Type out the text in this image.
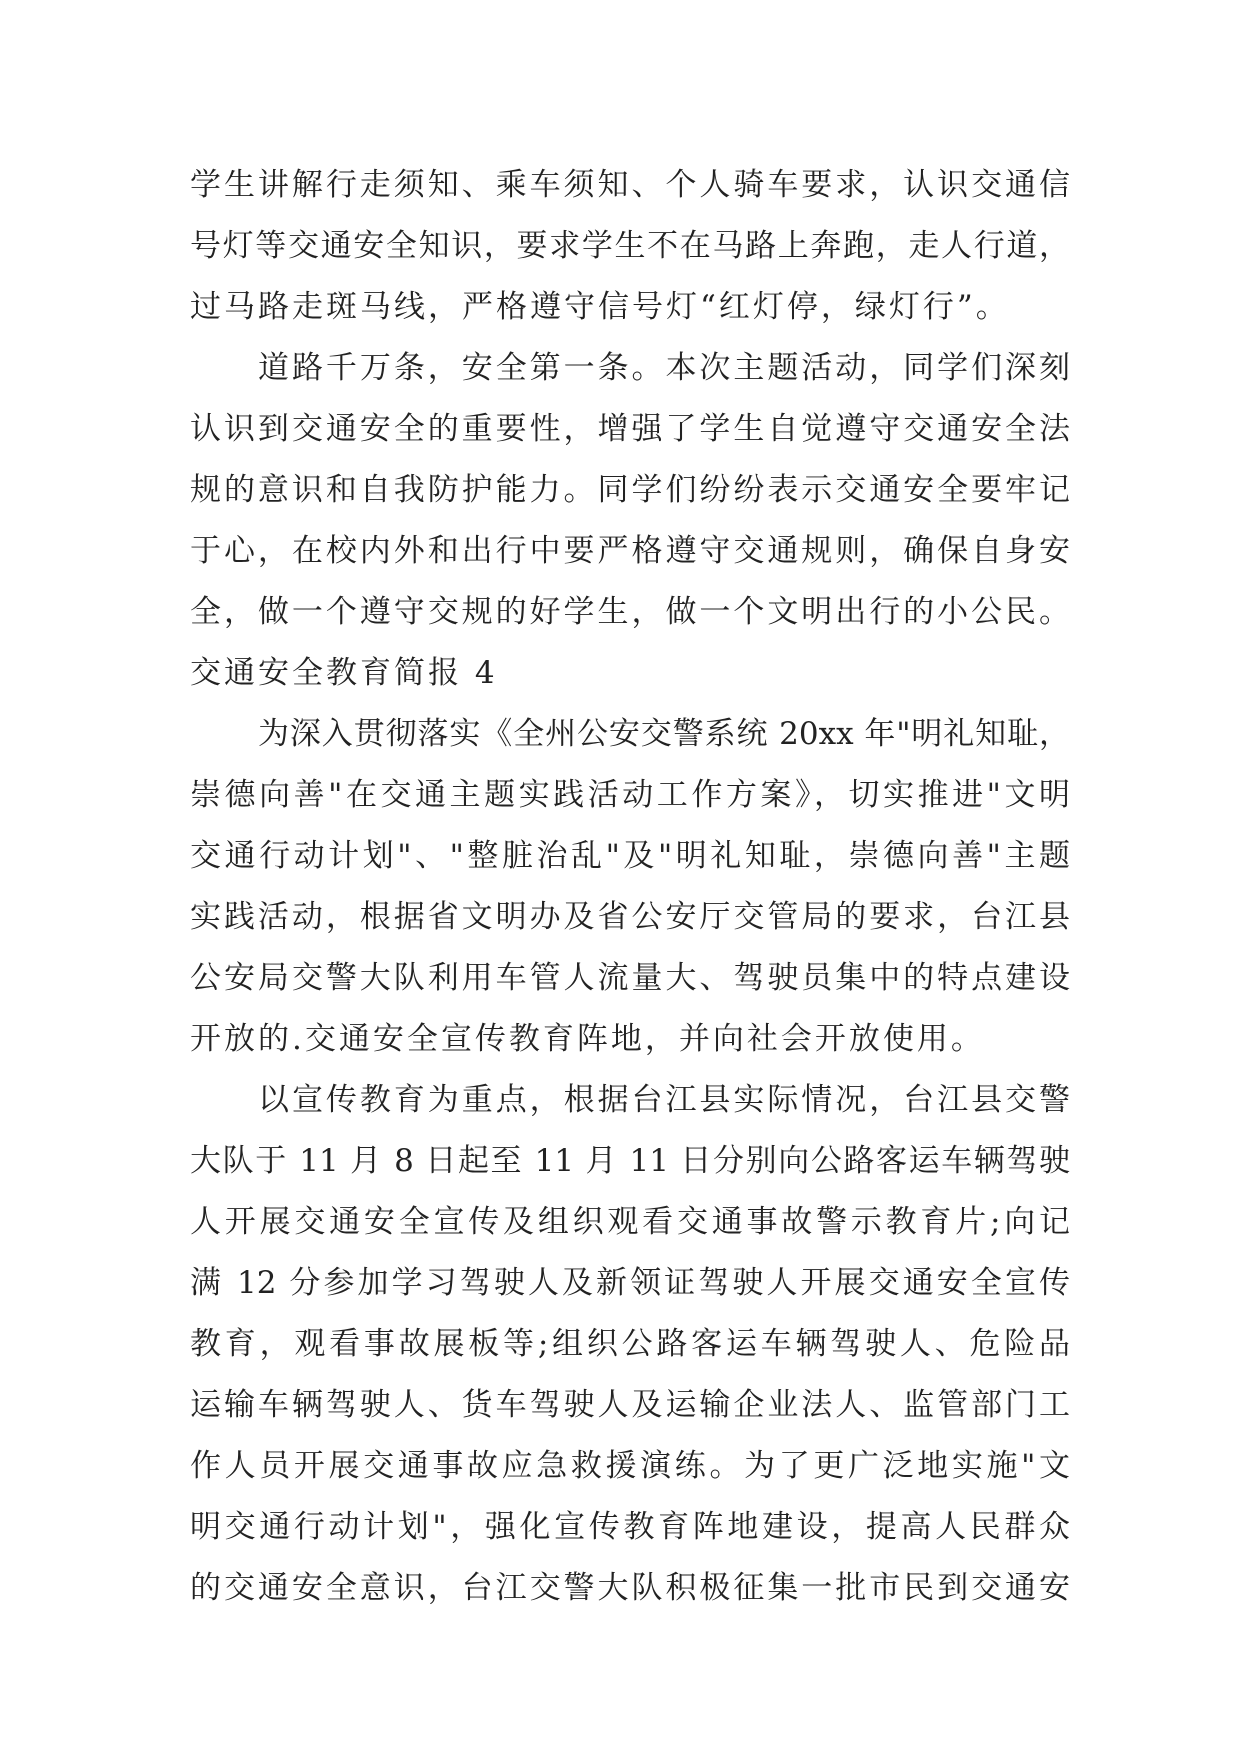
学生讲解行走须知、乘车须知、个人骑车要求，认识交通信
号灯等交通安全知识，要求学生不在马路上奔跑，走人行道，
过马路走斑马线，严格遵守信号灯“红灯停，绿灯行”。
道路千万条，安全第一条。本次主题活动，同学们深刻
认识到交通安全的重要性，增强了学生自觉遵守交通安全法
规的意识和自我防护能力。同学们纷纷表示交通安全要牢记
于心，在校内外和出行中要严格遵守交通规则，确保自身安
全，做一个遵守交规的好学生，做一个文明出行的小公民。
交通安全教育简报 4
为深入贯彻落实《全州公安交警系统 20xx 年"明礼知耻，
崇德向善"在交通主题实践活动工作方案》，切实推进"文明
交通行动计划"、"整脏治乱"及"明礼知耻，崇德向善"主题
实践活动，根据省文明办及省公安厅交管局的要求，台江县
公安局交警大队利用车管人流量大、驾驶员集中的特点建设
开放的.交通安全宣传教育阵地，并向社会开放使用。
以宣传教育为重点，根据台江县实际情况，台江县交警
大队于 11 月 8 日起至 11 月 11 日分别向公路客运车辆驾驶
人开展交通安全宣传及组织观看交通事故警示教育片;向记
满 12 分参加学习驾驶人及新领证驾驶人开展交通安全宣传
教育，观看事故展板等;组织公路客运车辆驾驶人、危险品
运输车辆驾驶人、货车驾驶人及运输企业法人、监管部门工
作人员开展交通事故应急救援演练。为了更广泛地实施"文
明交通行动计划"，强化宣传教育阵地建设，提高人民群众
的交通安全意识，台江交警大队积极征集一批市民到交通安
